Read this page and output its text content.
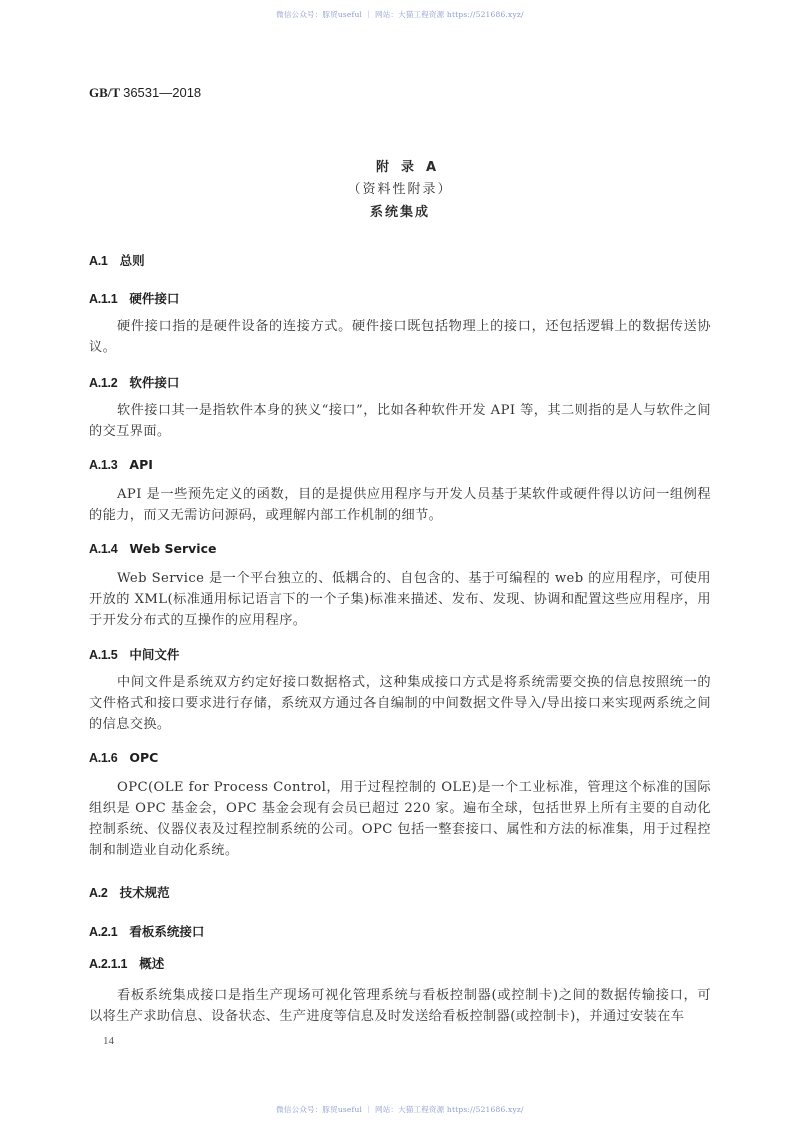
微信公众号：豚贸useful ｜ 网站：大猫工程资源 https://521686.xyz/
GB/T 36531—2018
附录A
（资料性附录）
系统集成
A.1 总则
A.1.1 硬件接口
硬件接口指的是硬件设备的连接方式。硬件接口既包括物理上的接口，还包括逻辑上的数据传送协议。
A.1.2 软件接口
软件接口其一是指软件本身的狭义“接口”，比如各种软件开发 API 等，其二则指的是人与软件之间的交互界面。
A.1.3 API
API 是一些预先定义的函数，目的是提供应用程序与开发人员基于某软件或硬件得以访问一组例程的能力，而又无需访问源码，或理解内部工作机制的细节。
A.1.4 Web Service
Web Service 是一个平台独立的、低耦合的、自包含的、基于可编程的 web 的应用程序，可使用开放的 XML(标准通用标记语言下的一个子集)标准来描述、发布、发现、协调和配置这些应用程序，用于开发分布式的互操作的应用程序。
A.1.5 中间文件
中间文件是系统双方约定好接口数据格式，这种集成接口方式是将系统需要交换的信息按照统一的文件格式和接口要求进行存储，系统双方通过各自编制的中间数据文件导入/导出接口来实现两系统之间的信息交换。
A.1.6 OPC
OPC(OLE for Process Control，用于过程控制的 OLE)是一个工业标准，管理这个标准的国际组织是 OPC 基金会，OPC 基金会现有会员已超过 220 家。遍布全球，包括世界上所有主要的自动化控制系统、仪器仪表及过程控制系统的公司。OPC 包括一整套接口、属性和方法的标准集，用于过程控制和制造业自动化系统。
A.2 技术规范
A.2.1 看板系统接口
A.2.1.1 概述
看板系统集成接口是指生产现场可视化管理系统与看板控制器(或控制卡)之间的数据传输接口，可以将生产求助信息、设备状态、生产进度等信息及时发送给看板控制器(或控制卡)，并通过安装在车
14
微信公众号：豚贸useful ｜ 网站：大猫工程资源 https://521686.xyz/
